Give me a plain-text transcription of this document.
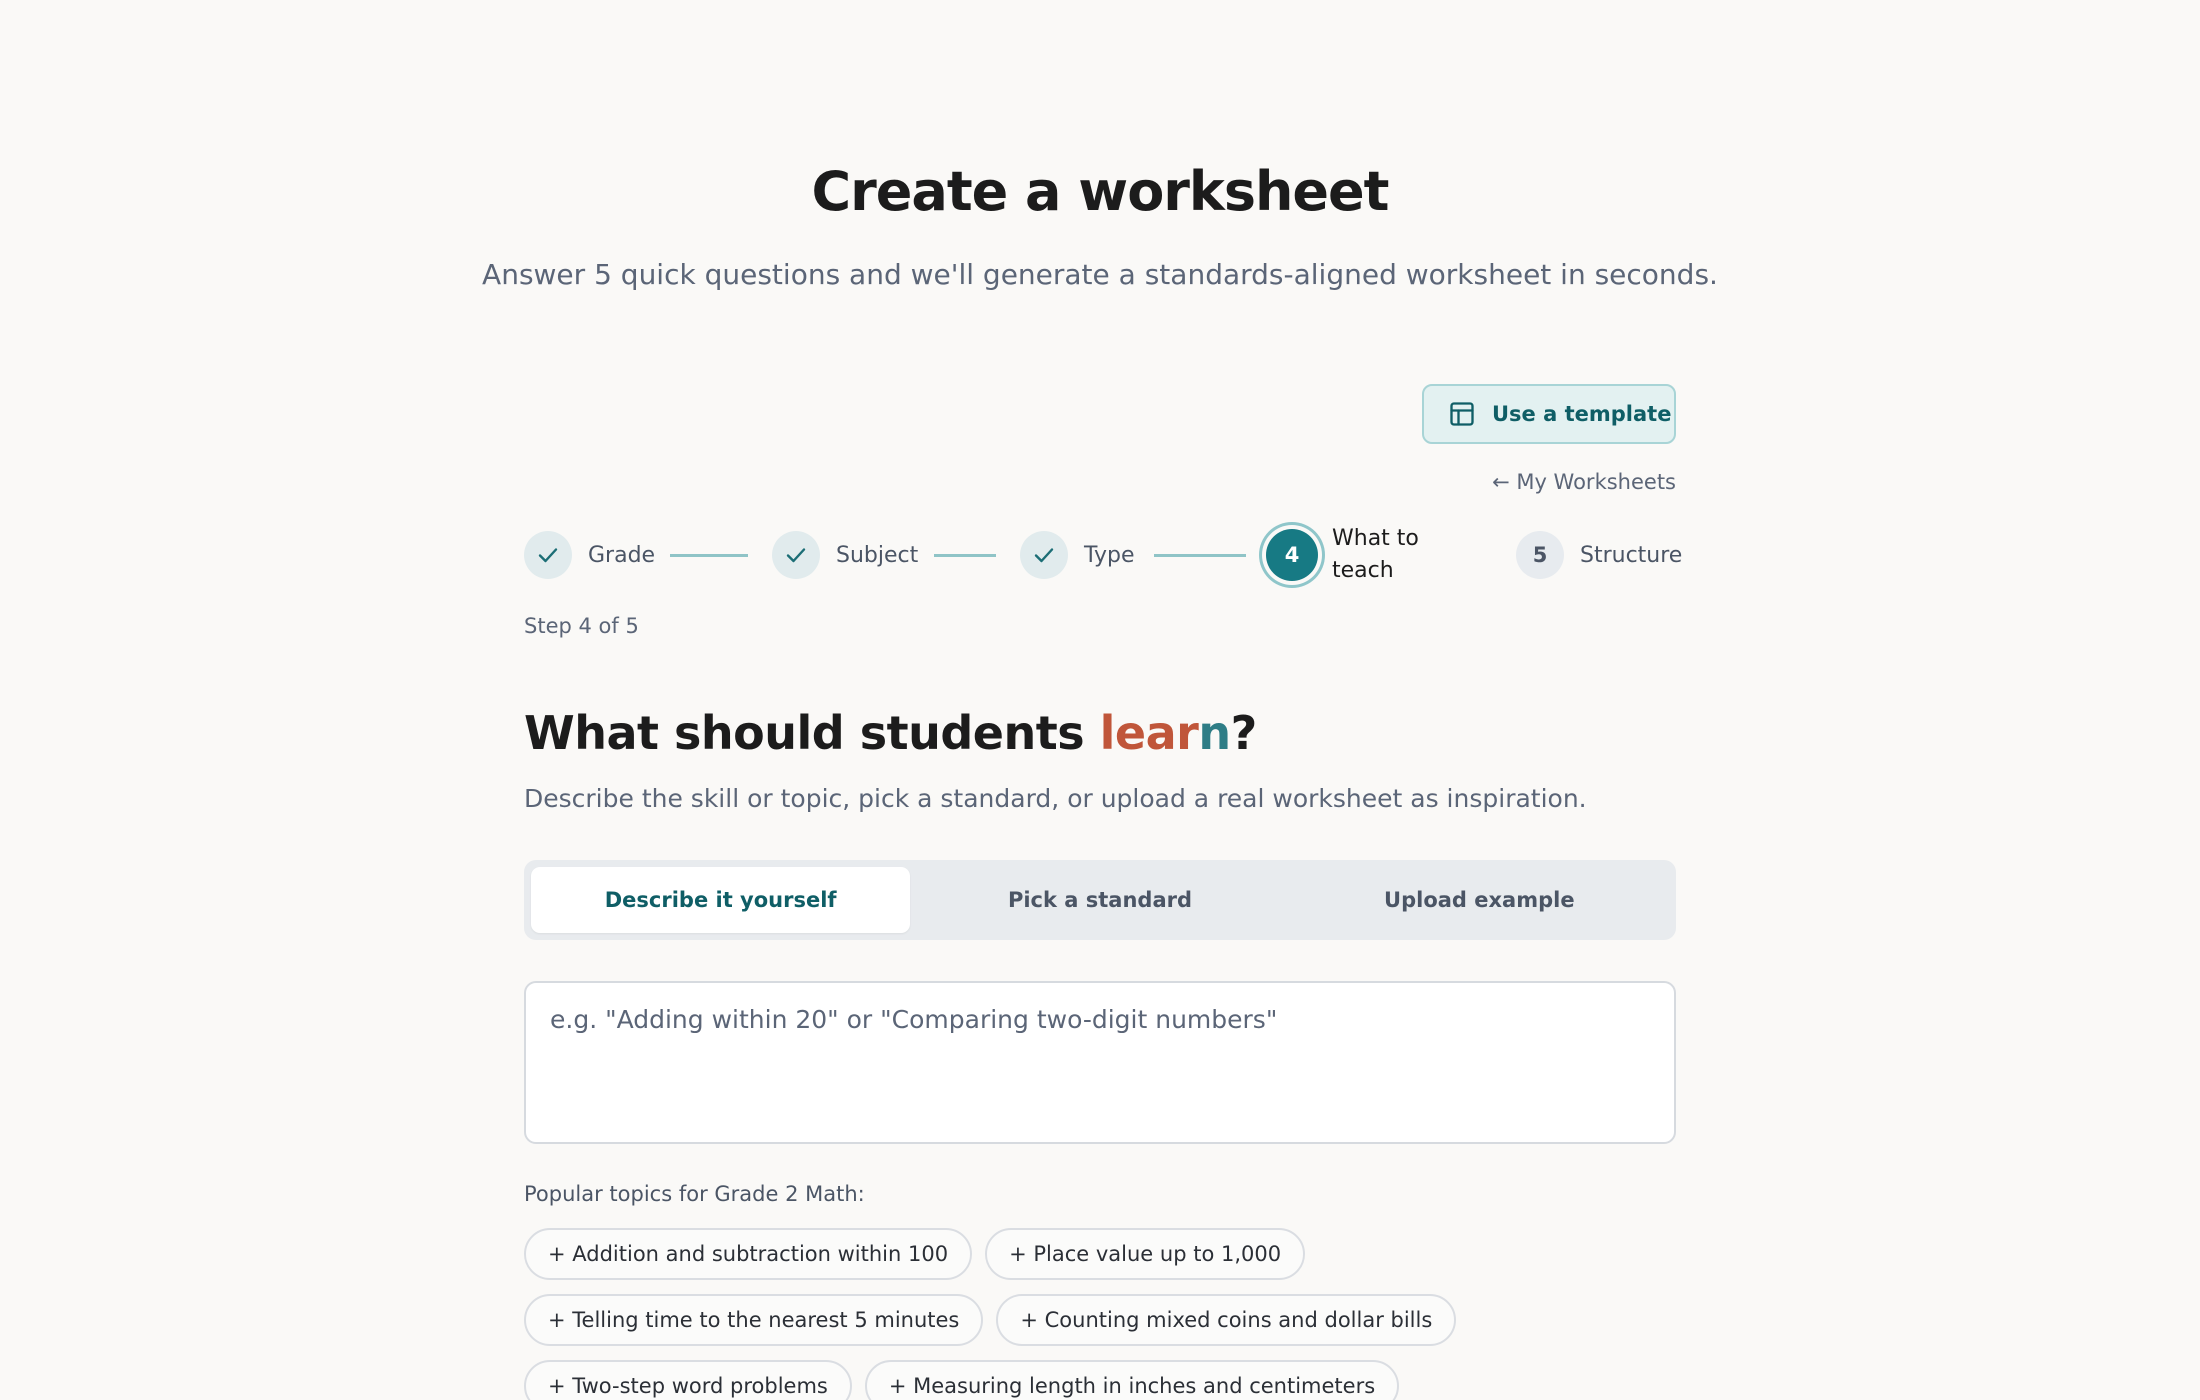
Create a worksheet

Answer 5 quick questions and we'll generate a standards-aligned worksheet in seconds.

Use a template
← My Worksheets
Grade	Subject	Type	4
What to teach
5	Structure

Step 4 of 5

What should students learn?

Describe the skill or topic, pick a standard, or upload a real worksheet as inspiration.

Describe it yourself	Pick a standard	Upload example
e.g. "Adding within 20" or "Comparing two-digit numbers"

Popular topics for Grade 2 Math:

+ Addition and subtraction within 100	+ Place value up to 1,000
+ Telling time to the nearest 5 minutes	+ Counting mixed coins and dollar bills
+ Two-step word problems	+ Measuring length in inches and centimeters
